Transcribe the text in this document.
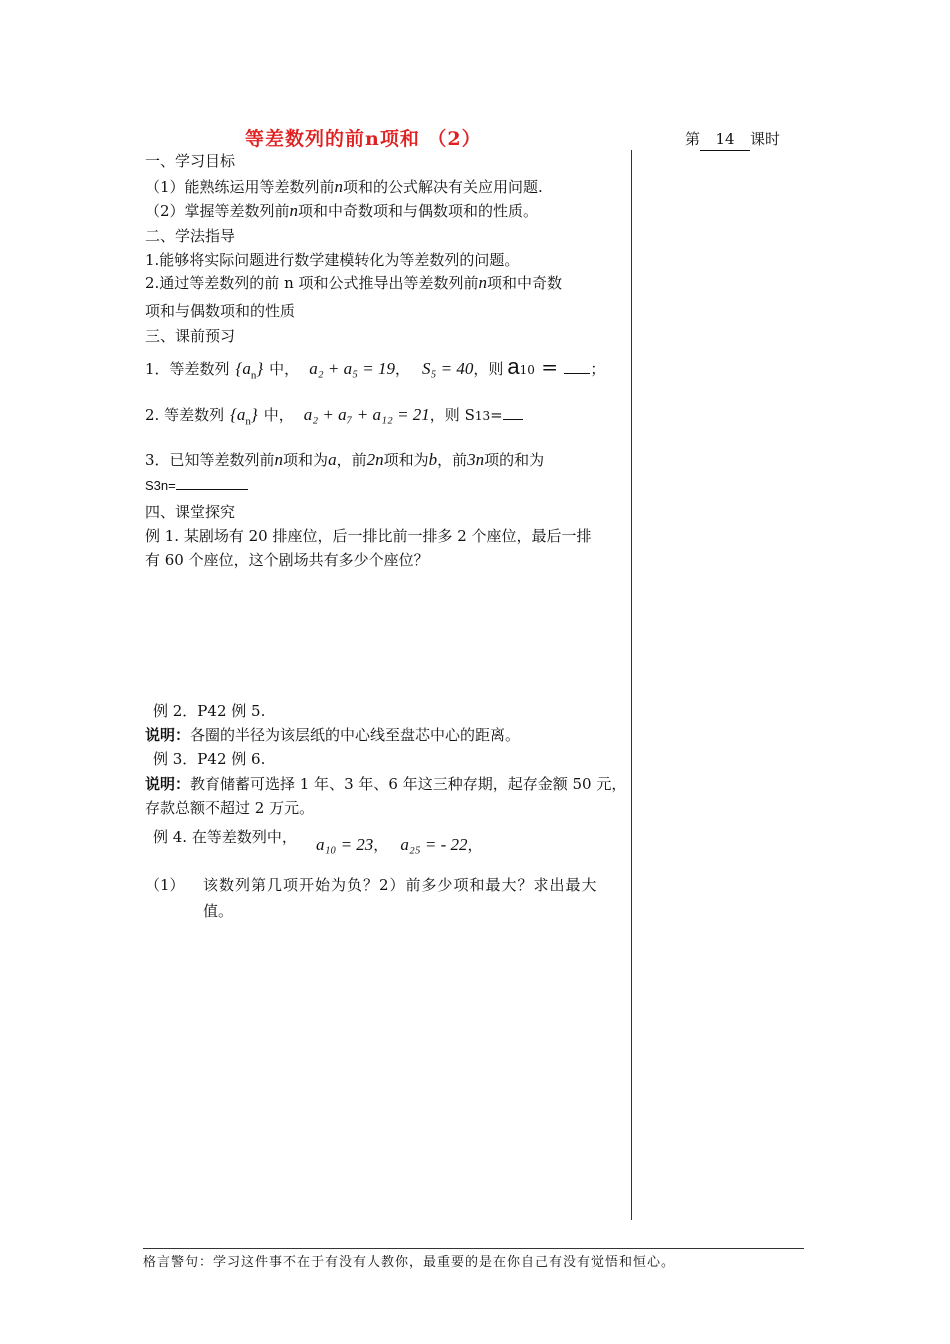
等差数列的前n项和 （2）	第 14 课时
一、学习目标
（1）能熟练运用等差数列前n项和的公式解决有关应用问题.
（2）掌握等差数列前n项和中奇数项和与偶数项和的性质。
二、学法指导
1.能够将实际问题进行数学建模转化为等差数列的问题。
2.通过等差数列的前 n 项和公式推导出等差数列前n项和中奇数
项和与偶数项和的性质
三、课前预习
1．等差数列 $\{a_n\}$ 中， a₂ + a₅ = 19， S₅ = 40，则 a10 = ；
2. 等差数列 $\{a_n\}$ 中， a₂ + a₇ + a₁₂ = 21，则 S13=
3．已知等差数列前n项和为a，前2n项和为b，前3n项的和为
S3n=
四、课堂探究
例 1. 某剧场有 20 排座位，后一排比前一排多 2 个座位，最后一排
有 60 个座位，这个剧场共有多少个座位？
例 2．P42 例 5.
说明：各圈的半径为该层纸的中心线至盘芯中心的距离。
例 3．P42 例 6.
说明：教育储蓄可选择 1 年、3 年、6 年这三种存期，起存金额 50 元，
存款总额不超过 2 万元。
例 4. 在等差数列中， a₁₀ = 23， a₂₅ = - 22，
（1） 该数列第几项开始为负？2）前多少项和最大？求出最大
值。
格言警句：学习这件事不在于有没有人教你，最重要的是在你自己有没有觉悟和恒心。
